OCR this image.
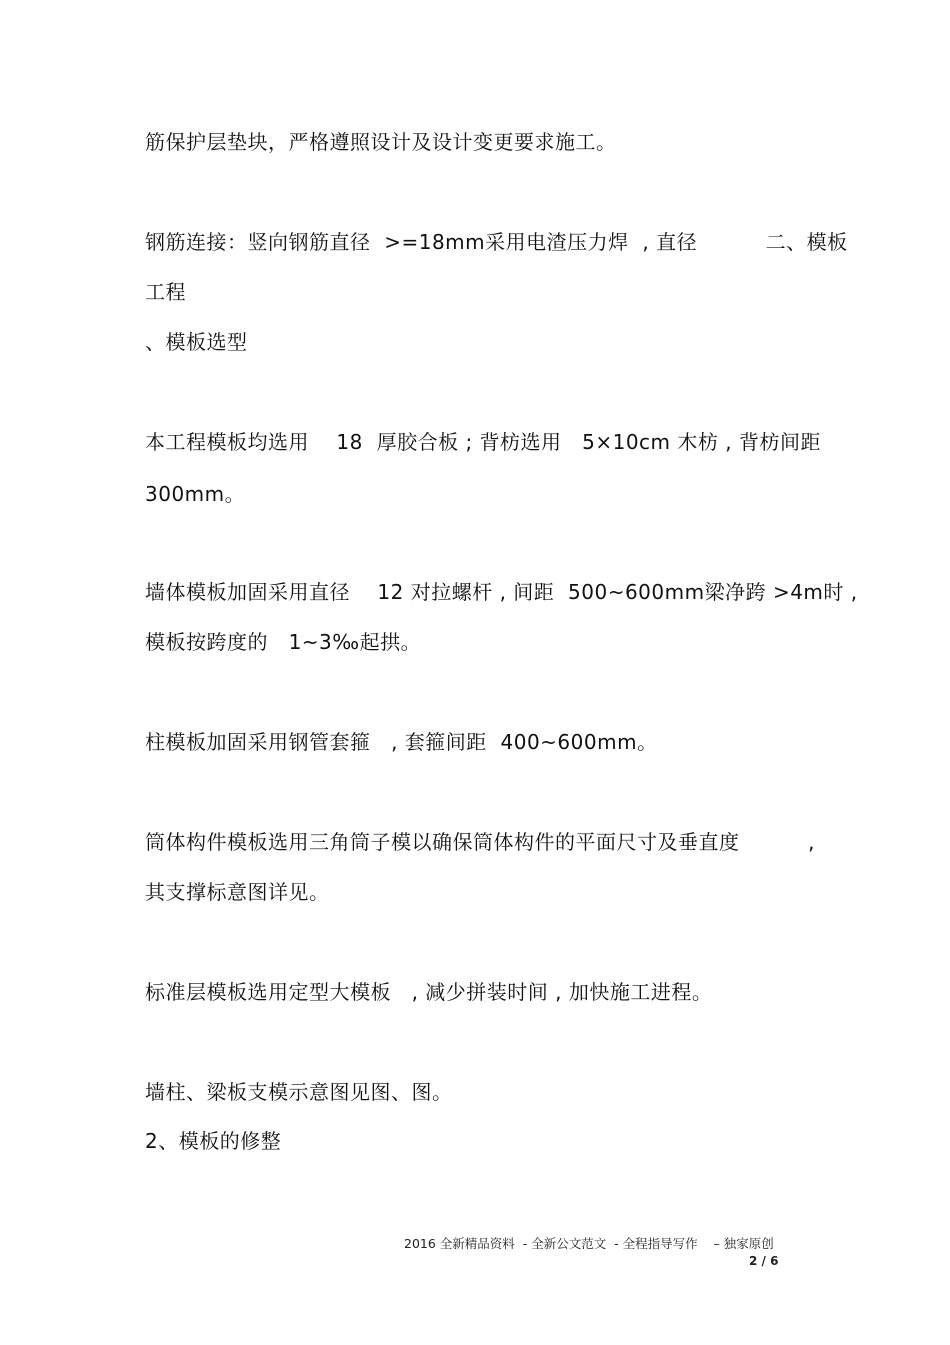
筋保护层垫块，严格遵照设计及设计变更要求施工。
钢筋连接：竖向钢筋直径  >=18mm采用电渣压力焊  , 直径          二、模板
工程
、模板选型
本工程模板均选用    18  厚胶合板 ; 背枋选用   5×10cm 木枋 , 背枋间距
300mm。
墙体模板加固采用直径    12 对拉螺杆 , 间距  500~600mm梁净跨 >4m时 ,
模板按跨度的   1~3‰起拱。
柱模板加固采用钢管套箍   , 套箍间距  400~600mm。
筒体构件模板选用三角筒子模以确保筒体构件的平面尺寸及垂直度          ,
其支撑标意图详见。
标准层模板选用定型大模板   , 减少拼装时间 , 加快施工进程。
墙柱、梁板支模示意图见图、图。
2、模板的修整
2016 全新精品资料  - 全新公文范文  - 全程指导写作    – 独家原创
2 / 6
